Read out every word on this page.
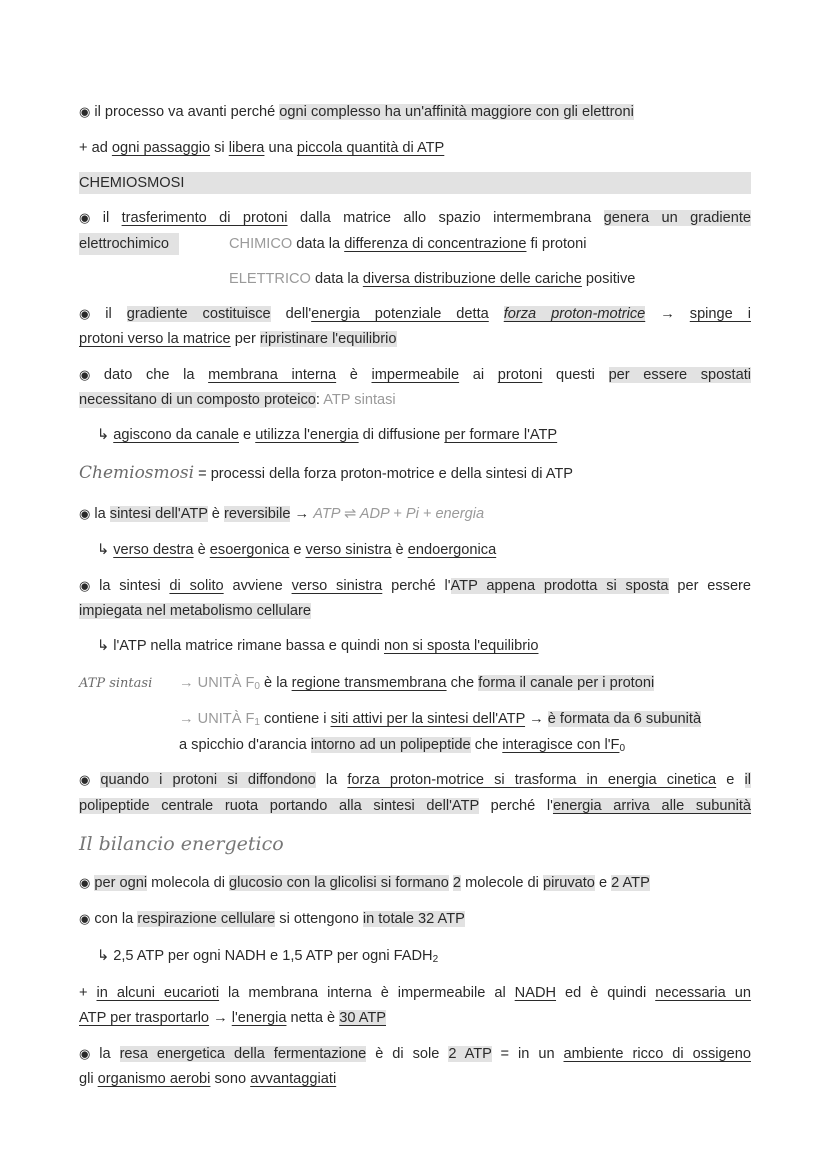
◉ il processo va avanti perché ogni complesso ha un'affinità maggiore con gli elettroni
+ ad ogni passaggio si libera una piccola quantità di ATP
CHEMIOSMOSI
◉ il trasferimento di protoni dalla matrice allo spazio intermembrana genera un gradiente
elettrochimico	CHIMICO data la differenza di concentrazione fi protoni
ELETTRICO data la diversa distribuzione delle cariche positive
◉ il gradiente costituisce dell'energia potenziale detta forza proton-motrice → spinge i
protoni verso la matrice per ripristinare l'equilibrio
◉ dato che la membrana interna è impermeabile ai protoni questi per essere spostati
necessitano di un composto proteico: ATP sintasi
↳ agiscono da canale e utilizza l'energia di diffusione per formare l'ATP
Chemiosmosi = processi della forza proton-motrice e della sintesi di ATP
◉ la sintesi dell'ATP è reversibile → ATP ⇌ ADP + Pi + energia
↳ verso destra è esoergonica e verso sinistra è endoergonica
◉ la sintesi di solito avviene verso sinistra perché l'ATP appena prodotta si sposta per essere
impiegata nel metabolismo cellulare
↳ l'ATP nella matrice rimane bassa e quindi non si sposta l'equilibrio
ATP sintasi → UNITÀ $F_0$ è la regione transmembrana che forma il canale per i protoni
→ UNITÀ $F_1$ contiene i siti attivi per la sintesi dell'ATP → è formata da 6 subunità
a spicchio d'arancia intorno ad un polipeptide che interagisce con $l'F_0$
◉ quando i protoni si diffondono la forza proton-motrice si trasforma in energia cinetica e il
polipeptide centrale ruota portando alla sintesi dell'ATP perché l'energia arriva alle subunità
Il bilancio energetico
◉ per ogni molecola di glucosio con la glicolisi si formano 2 molecole di piruvato e 2 ATP
◉ con la respirazione cellulare si ottengono in totale 32 ATP
↳ 2,5 ATP per ogni NADH e 1,5 ATP per ogni $FADH_2$
+ in alcuni eucarioti la membrana interna è impermeabile al NADH ed è quindi necessaria un
ATP per trasportarlo → l'energia netta è 30 ATP
◉ la resa energetica della fermentazione è di sole 2 ATP = in un ambiente ricco di ossigeno
gli organismo aerobi sono avvantaggiati
